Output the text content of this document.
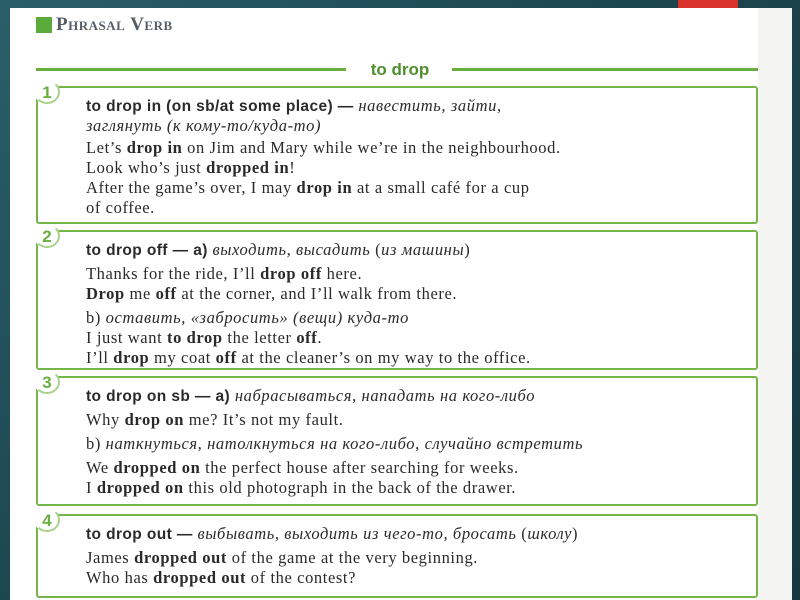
Phrasal Verb
to drop
1
to drop in (on sb/at some place) — навестить, зайти,
заглянуть (к кому-то/куда-то)
Let’s drop in on Jim and Mary while we’re in the neighbourhood.
Look who’s just dropped in!
After the game’s over, I may drop in at a small café for a cup
of coffee.
2
to drop off — а) выходить, высадить (из машины)
Thanks for the ride, I’ll drop off here.
Drop me off at the corner, and I’ll walk from there.
b) оставить, «забросить» (вещи) куда-то
I just want to drop the letter off.
I’ll drop my coat off at the cleaner’s on my way to the office.
3
to drop on sb — а) набрасываться, нападать на кого-либо
Why drop on me? It’s not my fault.
b) наткнуться, натолкнуться на кого-либо, случайно встретить
We dropped on the perfect house after searching for weeks.
I dropped on this old photograph in the back of the drawer.
4
to drop out — выбывать, выходить из чего-то, бросать (школу)
James dropped out of the game at the very beginning.
Who has dropped out of the contest?
